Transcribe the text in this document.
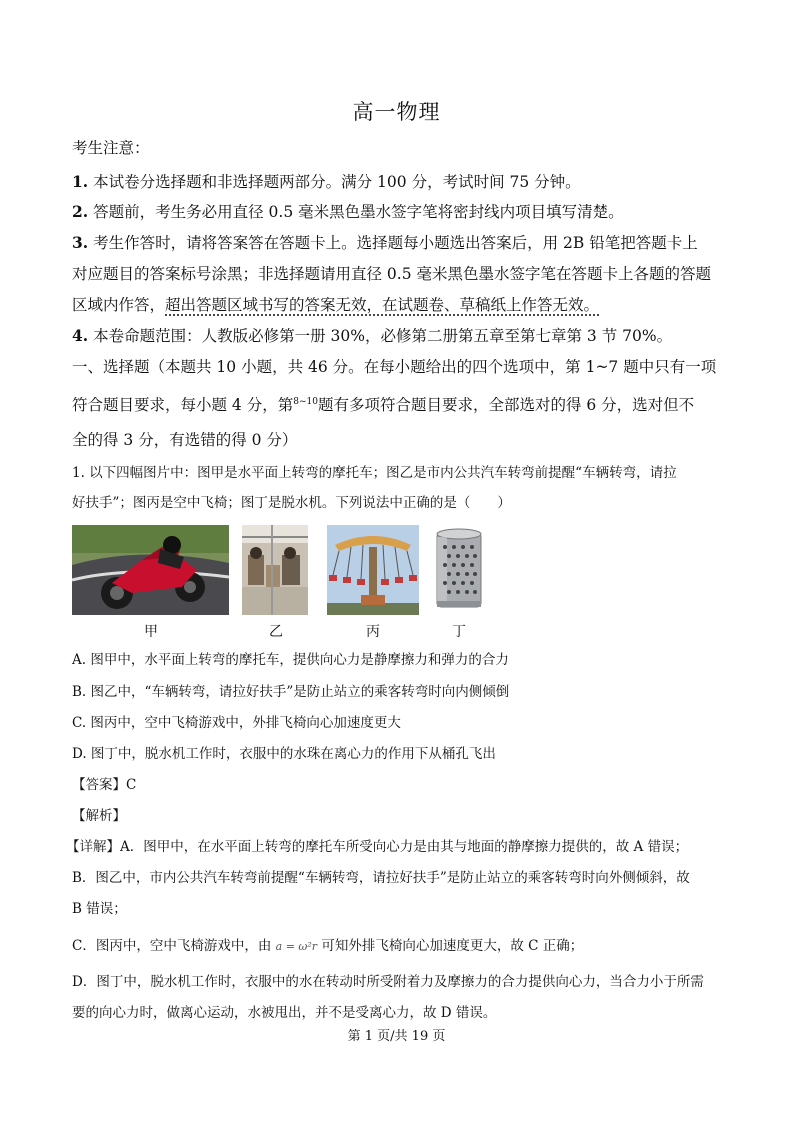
高一物理
考生注意：
1. 本试卷分选择题和非选择题两部分。满分 100 分，考试时间 75 分钟。
2. 答题前，考生务必用直径 0.5 毫米黑色墨水签字笔将密封线内项目填写清楚。
3. 考生作答时，请将答案答在答题卡上。选择题每小题选出答案后，用 2B 铅笔把答题卡上
对应题目的答案标号涂黑；非选择题请用直径 0.5 毫米黑色墨水签字笔在答题卡上各题的答题
区域内作答，超出答题区域书写的答案无效，在试题卷、草稿纸上作答无效。
4. 本卷命题范围：人教版必修第一册 30%，必修第二册第五章至第七章第 3 节 70%。
一、选择题（本题共 10 小题，共 46 分。在每小题给出的四个选项中，第 1~7 题中只有一项
符合题目要求，每小题 4 分，第$^{8\sim 10}$题有多项符合题目要求，全部选对的得 6 分，选对但不
全的得 3 分，有选错的得 0 分）
1. 以下四幅图片中：图甲是水平面上转弯的摩托车；图乙是市内公共汽车转弯前提醒“车辆转弯，请拉
好扶手”；图丙是空中飞椅；图丁是脱水机。下列说法中正确的是（　　）
甲	乙	丙	丁
A. 图甲中，水平面上转弯的摩托车，提供向心力是静摩擦力和弹力的合力
B. 图乙中，“车辆转弯，请拉好扶手”是防止站立的乘客转弯时向内侧倾倒
C. 图丙中，空中飞椅游戏中，外排飞椅向心加速度更大
D. 图丁中，脱水机工作时，衣服中的水珠在离心力的作用下从桶孔飞出
【答案】C
【解析】
【详解】A．图甲中，在水平面上转弯的摩托车所受向心力是由其与地面的静摩擦力提供的，故 A 错误；
B．图乙中，市内公共汽车转弯前提醒“车辆转弯，请拉好扶手”是防止站立的乘客转弯时向外侧倾斜，故
B 错误；
C．图丙中，空中飞椅游戏中，由 a = ω²r 可知外排飞椅向心加速度更大，故 C 正确；
D．图丁中，脱水机工作时，衣服中的水在转动时所受附着力及摩擦力的合力提供向心力，当合力小于所需
要的向心力时，做离心运动，水被甩出，并不是受离心力，故 D 错误。
第 1 页/共 19 页
